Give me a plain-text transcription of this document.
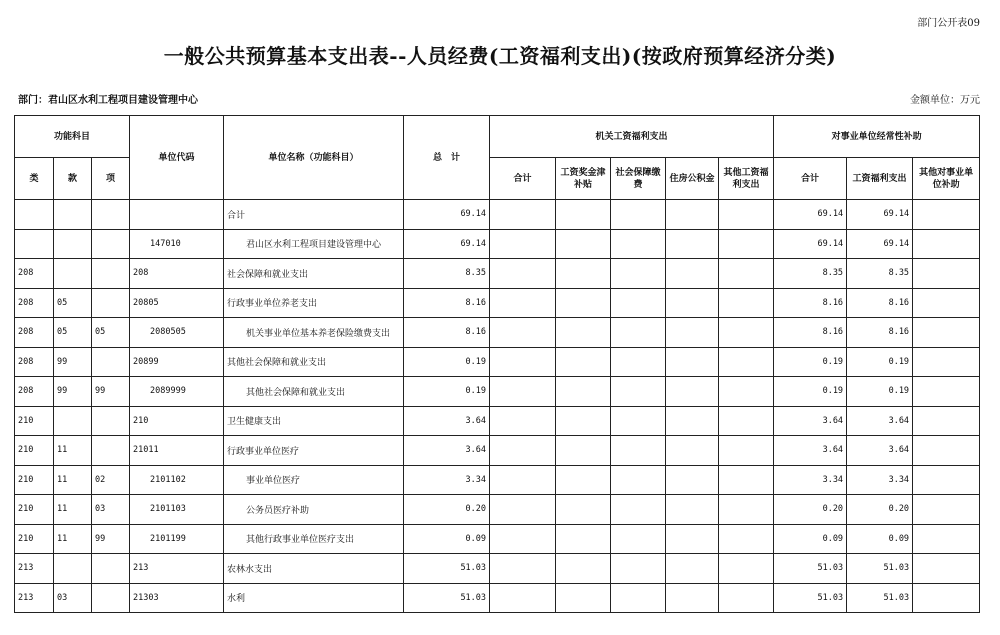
部门公开表09
一般公共预算基本支出表--人员经费(工资福利支出)(按政府预算经济分类)
部门：君山区水利工程项目建设管理中心	金额单位：万元
功能科目			单位代码	单位名称（功能科目）	总　计	机关工资福利支出					对事业单位经常性补助		
类	款	项				合计	工资奖金津补贴	社会保障缴费	住房公积金	其他工资福利支出	合计	工资福利支出	其他对事业单位补助
				合计	69.14						69.14	69.14	
			147010	君山区水利工程项目建设管理中心	69.14						69.14	69.14	
208			208	社会保障和就业支出	8.35						8.35	8.35	
208	05		20805	行政事业单位养老支出	8.16						8.16	8.16	
208	05	05	2080505	机关事业单位基本养老保险缴费支出	8.16						8.16	8.16	
208	99		20899	其他社会保障和就业支出	0.19						0.19	0.19	
208	99	99	2089999	其他社会保障和就业支出	0.19						0.19	0.19	
210			210	卫生健康支出	3.64						3.64	3.64	
210	11		21011	行政事业单位医疗	3.64						3.64	3.64	
210	11	02	2101102	事业单位医疗	3.34						3.34	3.34	
210	11	03	2101103	公务员医疗补助	0.20						0.20	0.20	
210	11	99	2101199	其他行政事业单位医疗支出	0.09						0.09	0.09	
213			213	农林水支出	51.03						51.03	51.03	
213	03		21303	水利	51.03						51.03	51.03	
